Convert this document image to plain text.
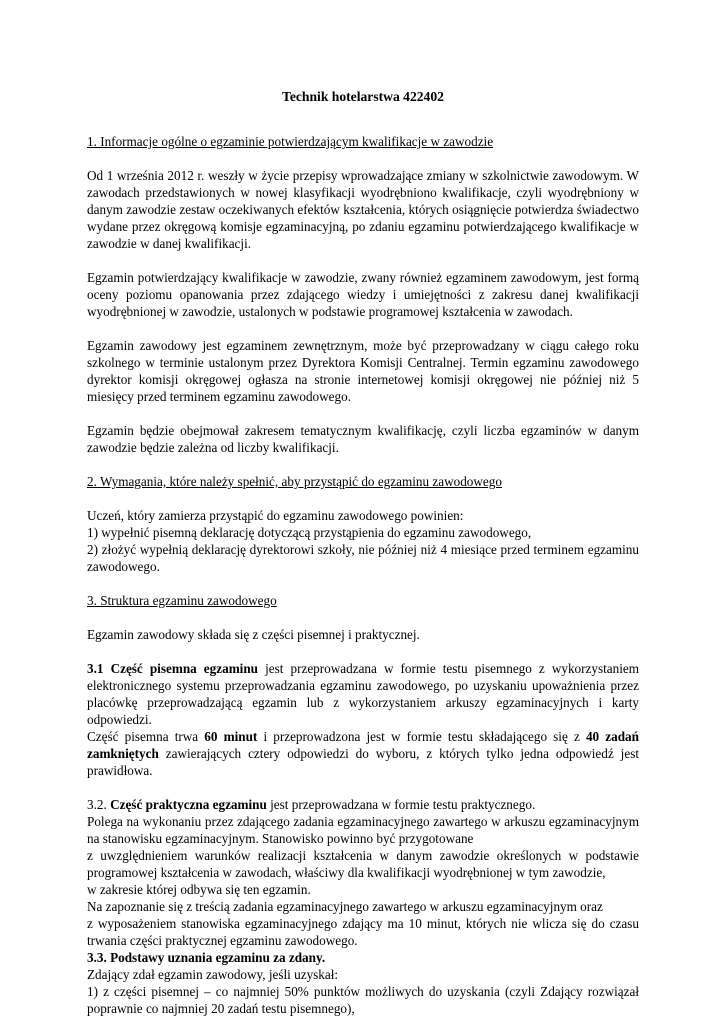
Technik hotelarstwa 422402
1. Informacje ogólne o egzaminie potwierdzającym kwalifikacje w zawodzie

Od 1 września 2012 r. weszły w życie przepisy wprowadzające zmiany w szkolnictwie zawodowym. W zawodach przedstawionych w nowej klasyfikacji wyodrębniono kwalifikacje, czyli wyodrębniony w danym zawodzie zestaw oczekiwanych efektów kształcenia, których osiągnięcie potwierdza świadectwo wydane przez okręgową komisje egzaminacyjną, po zdaniu egzaminu potwierdzającego kwalifikacje w zawodzie w danej kwalifikacji.

Egzamin potwierdzający kwalifikacje w zawodzie, zwany również egzaminem zawodowym, jest formą oceny poziomu opanowania przez zdającego wiedzy i umiejętności z zakresu danej kwalifikacji wyodrębnionej w zawodzie, ustalonych w podstawie programowej kształcenia w zawodach.

Egzamin zawodowy jest egzaminem zewnętrznym, może być przeprowadzany w ciągu całego roku szkolnego w terminie ustalonym przez Dyrektora Komisji Centralnej. Termin egzaminu zawodowego dyrektor komisji okręgowej ogłasza na stronie internetowej komisji okręgowej nie później niż 5 miesięcy przed terminem egzaminu zawodowego.

Egzamin będzie obejmował zakresem tematycznym kwalifikację, czyli liczba egzaminów w danym zawodzie będzie zależna od liczby kwalifikacji.

2. Wymagania, które należy spełnić, aby przystąpić do egzaminu zawodowego

Uczeń, który zamierza przystąpić do egzaminu zawodowego powinien:
1) wypełnić pisemną deklarację dotyczącą przystąpienia do egzaminu zawodowego,
2) złożyć wypełnią deklarację dyrektorowi szkoły, nie później niż 4 miesiące przed terminem egzaminu zawodowego.

3. Struktura egzaminu zawodowego

Egzamin zawodowy składa się z części pisemnej i praktycznej.

3.1 Część pisemna egzaminu jest przeprowadzana w formie testu pisemnego z wykorzystaniem elektronicznego systemu przeprowadzania egzaminu zawodowego, po uzyskaniu upoważnienia przez placówkę przeprowadzającą egzamin lub z wykorzystaniem arkuszy egzaminacyjnych i karty odpowiedzi.

Część pisemna trwa 60 minut i przeprowadzona jest w formie testu składającego się z 40 zadań zamkniętych zawierających cztery odpowiedzi do wyboru, z których tylko jedna odpowiedź jest prawidłowa.

3.2. Część praktyczna egzaminu jest przeprowadzana w formie testu praktycznego.

Polega na wykonaniu przez zdającego zadania egzaminacyjnego zawartego w arkuszu egzaminacyjnym na stanowisku egzaminacyjnym. Stanowisko powinno być przygotowane

z uwzględnieniem warunków realizacji kształcenia w danym zawodzie określonych w podstawie programowej kształcenia w zawodach, właściwy dla kwalifikacji wyodrębnionej w tym zawodzie,

w zakresie której odbywa się ten egzamin.

Na zapoznanie się z treścią zadania egzaminacyjnego zawartego w arkuszu egzaminacyjnym oraz

z wyposażeniem stanowiska egzaminacyjnego zdający ma 10 minut, których nie wlicza się do czasu trwania części praktycznej egzaminu zawodowego.

3.3. Podstawy uznania egzaminu za zdany.

Zdający zdał egzamin zawodowy, jeśli uzyskał:

1) z części pisemnej – co najmniej 50% punktów możliwych do uzyskania (czyli Zdający rozwiązał poprawnie co najmniej 20 zadań testu pisemnego),
